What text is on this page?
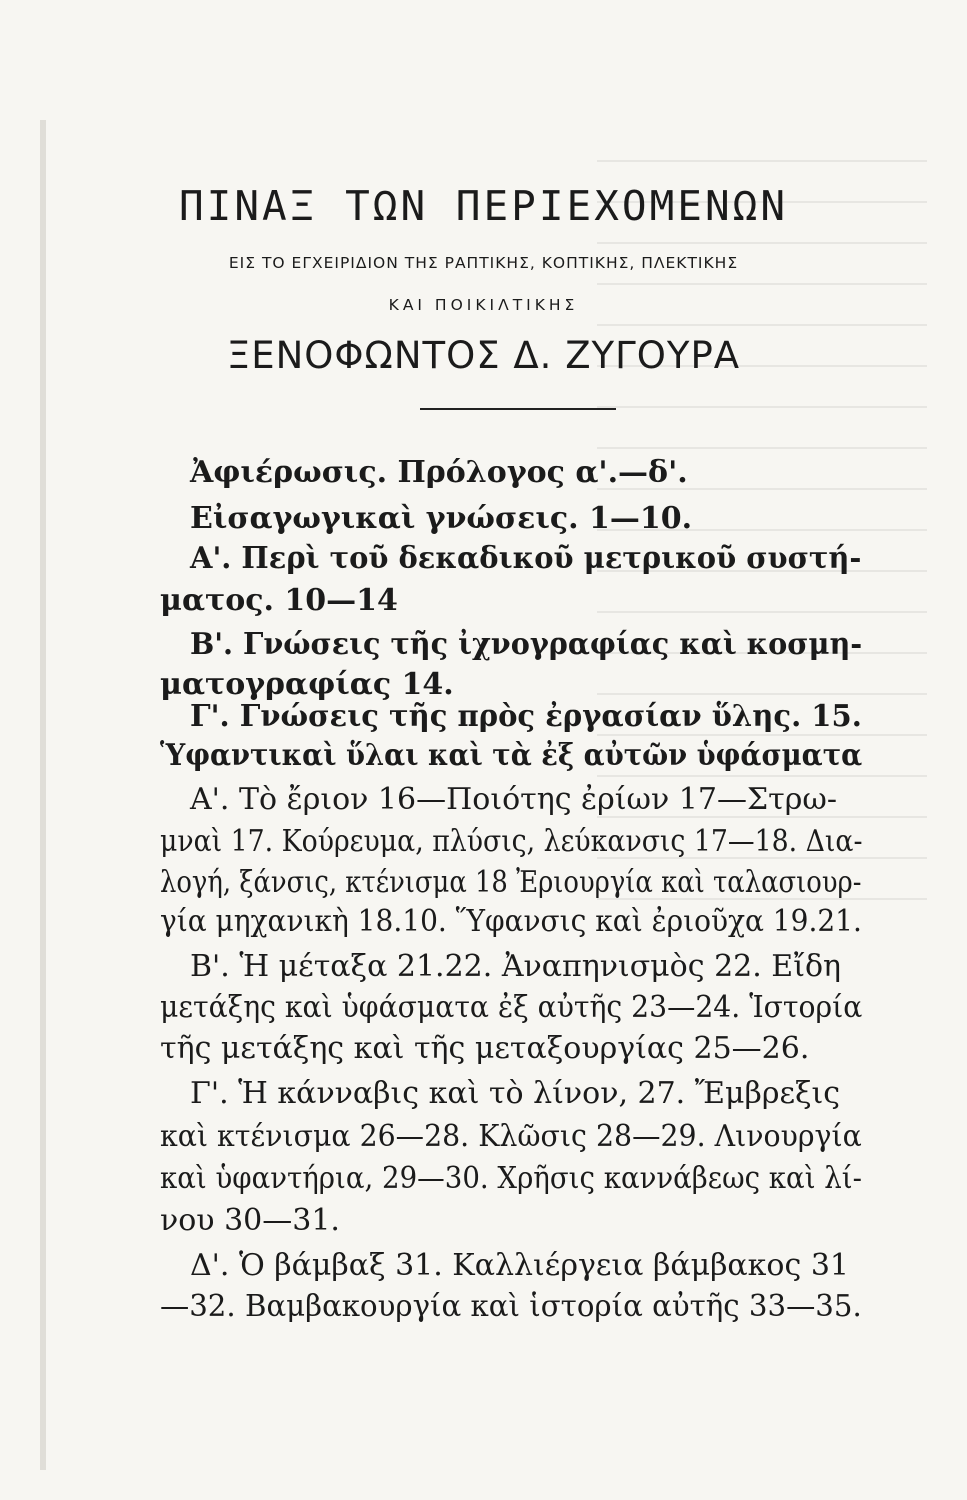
ΠΙΝΑΞ ΤΩΝ ΠΕΡΙΕΧΟΜΕΝΩΝ
ΕΙΣ ΤΟ ΕΓΧΕΙΡΙΔΙΟΝ ΤΗΣ ΡΑΠΤΙΚΗΣ, ΚΟΠΤΙΚΗΣ, ΠΛΕΚΤΙΚΗΣ
ΚΑΙ ΠΟΙΚΙΛΤΙΚΗΣ
ΞΕΝΟΦΩΝΤΟΣ Δ. ΖΥΓΟΥΡΑ
Ἀφιέρωσις. Πρόλογος α'.—δ'.
Εἰσαγωγικαὶ γνώσεις. 1—10.
Α'. Περὶ τοῦ δεκαδικοῦ μετρικοῦ συστή-
ματος. 10—14
Β'. Γνώσεις τῆς ἰχνογραφίας καὶ κοσμη-
ματογραφίας 14.
Γ'. Γνώσεις τῆς πρὸς ἐργασίαν ὕλης. 15.
Ὑφαντικαὶ ὕλαι καὶ τὰ ἐξ αὐτῶν ὑφάσματα
Α'. Τὸ ἔριον 16—Ποιότης ἐρίων 17—Στρω-
μναὶ 17. Κούρευμα, πλύσις, λεύκανσις 17—18. Δια-
λογή, ξάνσις, κτένισμα 18 Ἐριουργία καὶ ταλασιουρ-
γία μηχανικὴ 18.10. Ὕφανσις καὶ ἐριοῦχα 19.21.
Β'. Ἡ μέταξα 21.22. Ἀναπηνισμὸς 22. Εἴδη
μετάξης καὶ ὑφάσματα ἐξ αὐτῆς 23—24. Ἱστορία
τῆς μετάξης καὶ τῆς μεταξουργίας 25—26.
Γ'. Ἡ κάνναβις καὶ τὸ λίνον, 27. Ἔμβρεξις
καὶ κτένισμα 26—28. Κλῶσις 28—29. Λινουργία
καὶ ὑφαντήρια, 29—30. Χρῆσις καννάβεως καὶ λί-
νου 30—31.
Δ'. Ὁ βάμβαξ 31. Καλλιέργεια βάμβακος 31
—32. Βαμβακουργία καὶ ἱστορία αὐτῆς 33—35.
